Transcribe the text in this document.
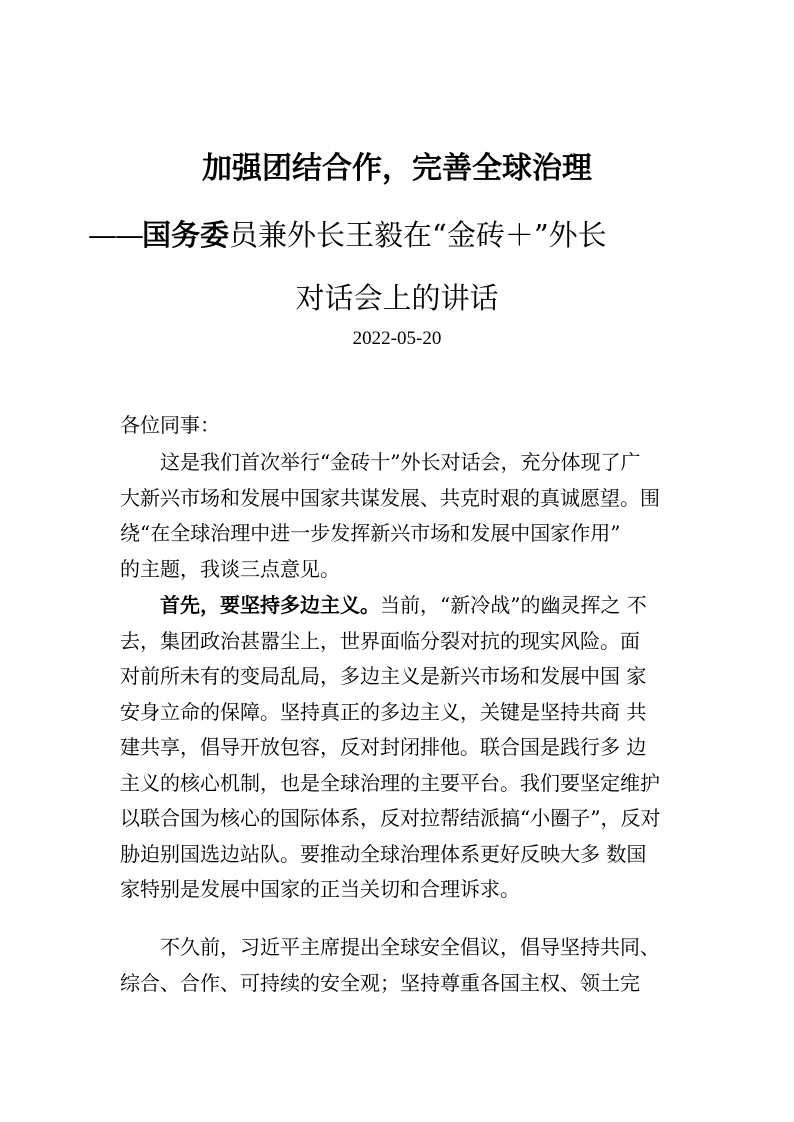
加强团结合作，完善全球治理
——国务委员兼外长王毅在“金砖＋”外长
对话会上的讲话
2022-05-20
各位同事：
这是我们首次举行“金砖十”外长对话会，充分体现了广
大新兴市场和发展中国家共谋发展、共克时艰的真诚愿望。围
绕“在全球治理中进一步发挥新兴市场和发展中国家作用”
的主题，我谈三点意见。
首先，要坚持多边主义。当前，“新冷战”的幽灵挥之 不
去，集团政治甚嚣尘上，世界面临分裂对抗的现实风险。面
对前所未有的变局乱局，多边主义是新兴市场和发展中国 家
安身立命的保障。坚持真正的多边主义，关键是坚持共商 共
建共享，倡导开放包容，反对封闭排他。联合国是践行多 边
主义的核心机制，也是全球治理的主要平台。我们要坚定维护
以联合国为核心的国际体系，反对拉帮结派搞“小圈子”，反对
胁迫别国选边站队。要推动全球治理体系更好反映大多 数国
家特别是发展中国家的正当关切和合理诉求。
不久前，习近平主席提出全球安全倡议，倡导坚持共同、
综合、合作、可持续的安全观；坚持尊重各国主权、领土完
